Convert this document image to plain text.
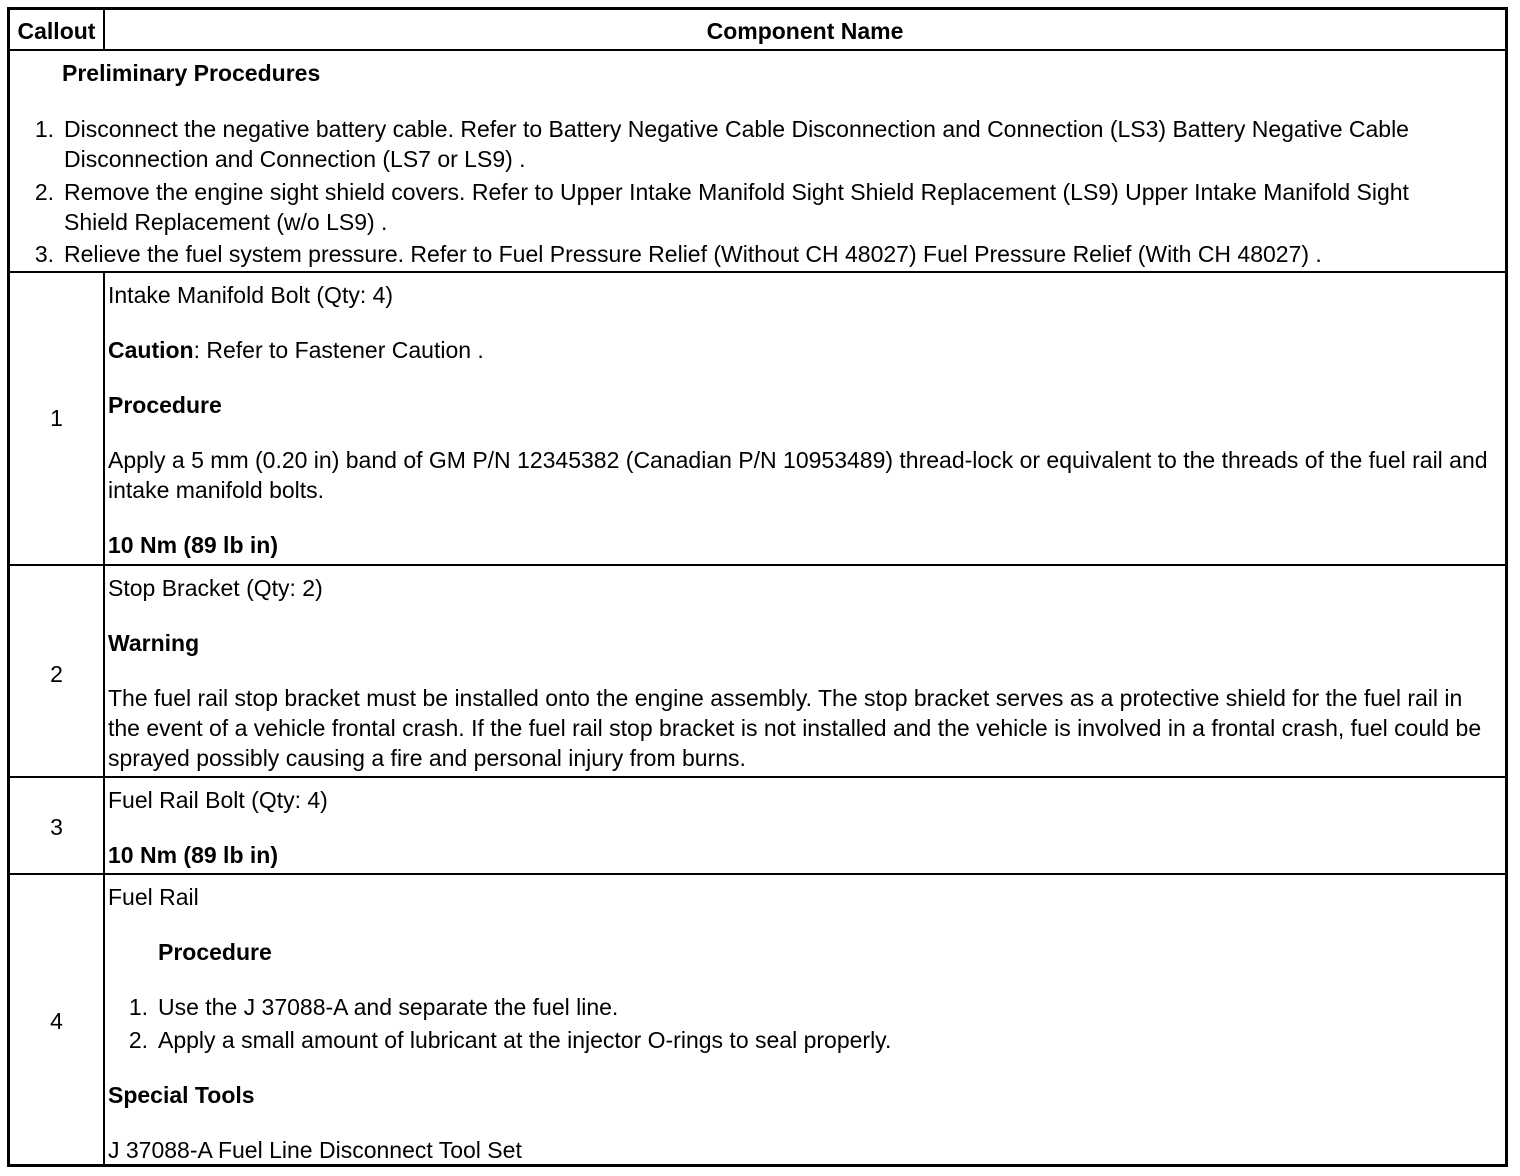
Callout	Component Name
Preliminary Procedures
1. Disconnect the negative battery cable. Refer to Battery Negative Cable Disconnection and Connection (LS3) Battery Negative Cable Disconnection and Connection (LS7 or LS9) .
2. Remove the engine sight shield covers. Refer to Upper Intake Manifold Sight Shield Replacement (LS9) Upper Intake Manifold Sight Shield Replacement (w/o LS9) .
3. Relieve the fuel system pressure. Refer to Fuel Pressure Relief (Without CH 48027) Fuel Pressure Relief (With CH 48027) .
1
Intake Manifold Bolt (Qty: 4)
Caution: Refer to Fastener Caution .
Procedure
Apply a 5 mm (0.20 in) band of GM P/N 12345382 (Canadian P/N 10953489) thread-lock or equivalent to the threads of the fuel rail and intake manifold bolts.
10 Nm (89 lb in)
2
Stop Bracket (Qty: 2)
Warning
The fuel rail stop bracket must be installed onto the engine assembly. The stop bracket serves as a protective shield for the fuel rail in the event of a vehicle frontal crash. If the fuel rail stop bracket is not installed and the vehicle is involved in a frontal crash, fuel could be sprayed possibly causing a fire and personal injury from burns.
3
Fuel Rail Bolt (Qty: 4)
10 Nm (89 lb in)
4
Fuel Rail
Procedure
1. Use the J 37088-A and separate the fuel line.
2. Apply a small amount of lubricant at the injector O-rings to seal properly.
Special Tools
J 37088-A Fuel Line Disconnect Tool Set
